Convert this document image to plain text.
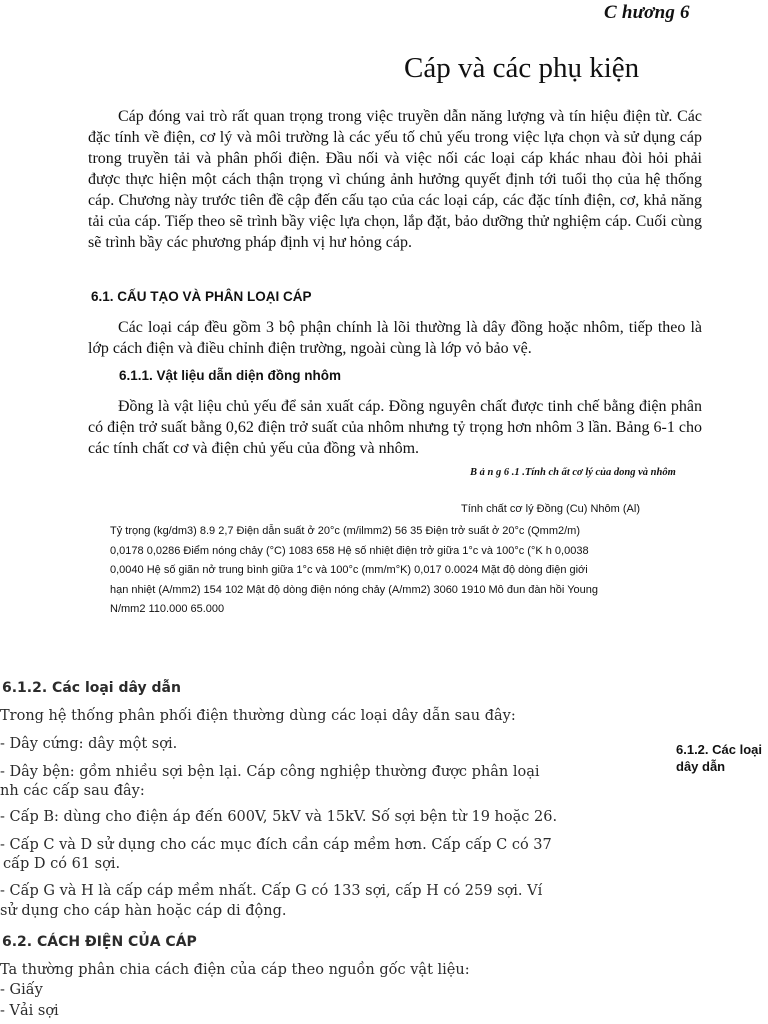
C hương 6
Cáp và các phụ kiện

Cáp đóng vai trò rất quan trọng trong việc truyền dẫn năng lượng và tín hiệu điện từ. Các đặc tính về điện, cơ lý và môi trường là các yếu tố chủ yếu trong việc lựa chọn và sử dụng cáp trong truyền tải và phân phối điện. Đầu nối và việc nối các loại cáp khác nhau đòi hỏi phải được thực hiện một cách thận trọng vì chúng ảnh hưởng quyết định tới tuổi thọ của hệ thống cáp. Chương này trước tiên đề cập đến cấu tạo của các loại cáp, các đặc tính điện, cơ, khả năng tải của cáp. Tiếp theo sẽ trình bầy việc lựa chọn, lắp đặt, bảo dưỡng thử nghiệm cáp. Cuối cùng sẽ trình bầy các phương pháp định vị hư hỏng cáp.

6.1. CẤU TẠO VÀ PHÂN LOẠI CÁP

Các loại cáp đều gồm 3 bộ phận chính là lõi thường là dây đồng hoặc nhôm, tiếp theo là lớp cách điện và điều chỉnh điện trường, ngoài cùng là lớp vỏ bảo vệ.

6.1.1. Vật liệu dẫn diện đồng nhôm

Đồng là vật liệu chủ yếu để sản xuất cáp. Đồng nguyên chất được tinh chế bằng điện phân có điện trở suất bằng 0,62 điện trở suất của nhôm nhưng tỷ trọng hơn nhôm 3 lần. Bảng 6-1 cho các tính chất cơ và điện chủ yếu của đồng và nhôm.

B ả n g 6 .1 .Tính ch ất cơ lý của dong và nhôm

Tính chất cơ lý Đồng (Cu) Nhôm (Al)

Tỷ trọng (kg/dm3) 8.9 2,7 Điện dẫn suất ở 20°c (m/ilmm2) 56 35 Điện trở suất ở 20°c (Qmm2/m)
0,0178 0,0286 Điểm nóng chảy (°C) 1083 658 Hệ số nhiệt điện trở giữa 1°c và 100°c (°K h 0,0038
0,0040 Hệ số giãn nở trung bình giữa 1°c và 100°c (mm/m°K) 0,017 0.0024 Mặt độ dòng điện giới
hạn nhiệt (A/mm2) 154 102 Mật độ dòng điện nóng chảy (A/mm2) 3060 1910 Mô đun đàn hồi Young
N/mm2 110.000 65.000

6.1.2. Các loại dây dẫn

Trong hệ thống phân phối điện thường dùng các loại dây dẫn sau đây:

- Dây cứng: dây một sợi.

- Dây bện: gồm nhiều sợi bện lại. Cáp công nghiệp thường được phân loại

nh các cấp sau đây:

- Cấp B: dùng cho điện áp đến 600V, 5kV và 15kV. Số sợi bện từ 19 hoặc 26.

- Cấp C và D sử dụng cho các mục đích cần cáp mềm hơn. Cấp cấp C có 37

cấp D có 61 sợi.

- Cấp G và H là cấp cáp mềm nhất. Cấp G có 133 sợi, cấp H có 259 sợi. Ví

sử dụng cho cáp hàn hoặc cáp di động.

6.2. CÁCH ĐIỆN CỦA CÁP

Ta thường phân chia cách điện của cáp theo nguồn gốc vật liệu:

- Giấy

- Vải sợi

6.1.2. Các loại dây dẫn
